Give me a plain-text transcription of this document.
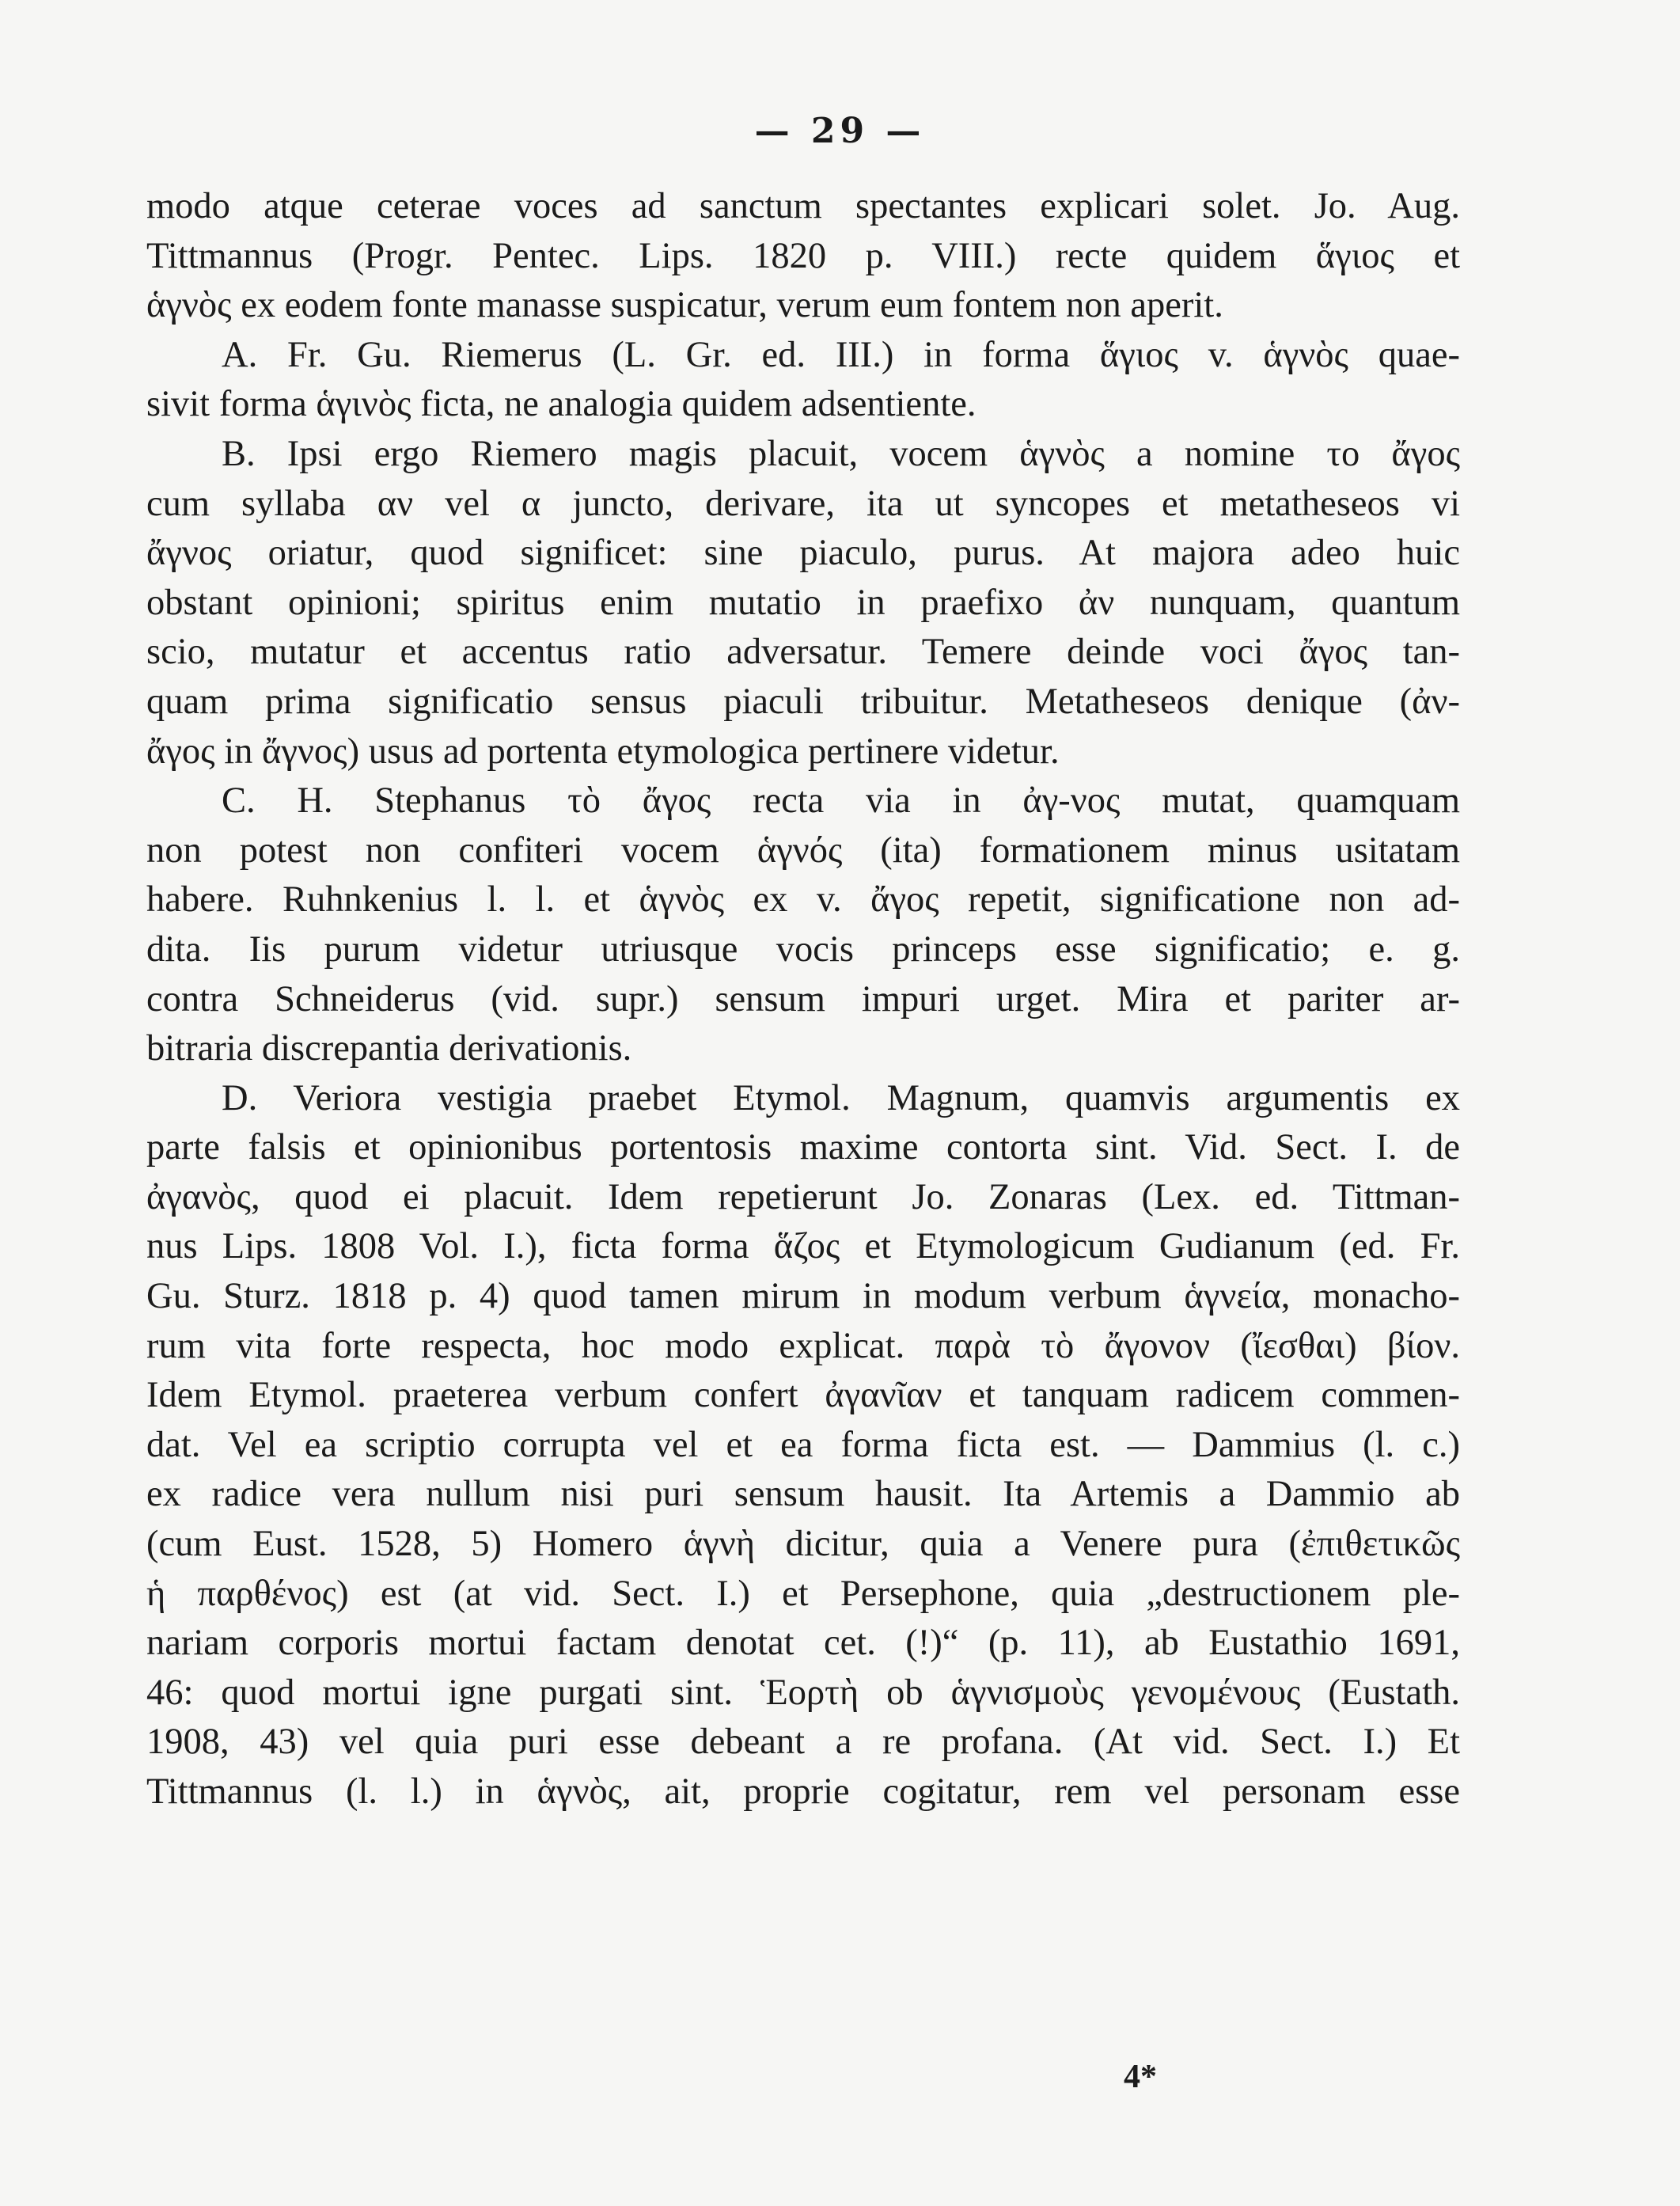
— 29 —
modo atque ceterae voces ad sanctum spectantes explicari solet. Jo. Aug.
Tittmannus (Progr. Pentec. Lips. 1820 p. VIII.) recte quidem ἅγιος et
ἁγνὸς ex eodem fonte manasse suspicatur, verum eum fontem non aperit.
A. Fr. Gu. Riemerus (L. Gr. ed. III.) in forma ἅγιος v. ἁγνὸς quae-
sivit forma ἁγινὸς ficta, ne analogia quidem adsentiente.
B. Ipsi ergo Riemero magis placuit, vocem ἁγνὸς a nomine το ἄγος
cum syllaba αν vel α juncto, derivare, ita ut syncopes et metatheseos vi
ἄγνος oriatur, quod significet: sine piaculo, purus. At majora adeo huic
obstant opinioni; spiritus enim mutatio in praefixo ἀν nunquam, quantum
scio, mutatur et accentus ratio adversatur. Temere deinde voci ἄγος tan-
quam prima significatio sensus piaculi tribuitur. Metatheseos denique (ἀν-
ἄγος in ἄγνος) usus ad portenta etymologica pertinere videtur.
C. H. Stephanus τὸ ἄγος recta via in ἀγ-νος mutat, quamquam
non potest non confiteri vocem ἁγνός (ita) formationem minus usitatam
habere. Ruhnkenius l. l. et ἁγνὸς ex v. ἄγος repetit, significatione non ad-
dita. Iis purum videtur utriusque vocis princeps esse significatio; e. g.
contra Schneiderus (vid. supr.) sensum impuri urget. Mira et pariter ar-
bitraria discrepantia derivationis.
D. Veriora vestigia praebet Etymol. Magnum, quamvis argumentis ex
parte falsis et opinionibus portentosis maxime contorta sint. Vid. Sect. I. de
ἀγανὸς, quod ei placuit. Idem repetierunt Jo. Zonaras (Lex. ed. Tittman-
nus Lips. 1808 Vol. I.), ficta forma ἅζος et Etymologicum Gudianum (ed. Fr.
Gu. Sturz. 1818 p. 4) quod tamen mirum in modum verbum ἁγνεία, monacho-
rum vita forte respecta, hoc modo explicat. παρὰ τὸ ἄγονον (ἴεσθαι) βίον.
Idem Etymol. praeterea verbum confert ἀγανῖαν et tanquam radicem commen-
dat. Vel ea scriptio corrupta vel et ea forma ficta est. — Dammius (l. c.)
ex radice vera nullum nisi puri sensum hausit. Ita Artemis a Dammio ab
(cum Eust. 1528, 5) Homero ἁγνὴ dicitur, quia a Venere pura (ἐπιθετικῶς
ἡ παρθένος) est (at vid. Sect. I.) et Persephone, quia „destructionem ple-
nariam corporis mortui factam denotat cet. (!)“ (p. 11), ab Eustathio 1691,
46: quod mortui igne purgati sint. Ἑορτὴ ob ἁγνισμοὺς γενομένους (Eustath.
1908, 43) vel quia puri esse debeant a re profana. (At vid. Sect. I.) Et
Tittmannus (l. l.) in ἁγνὸς, ait, proprie cogitatur, rem vel personam esse
4*
